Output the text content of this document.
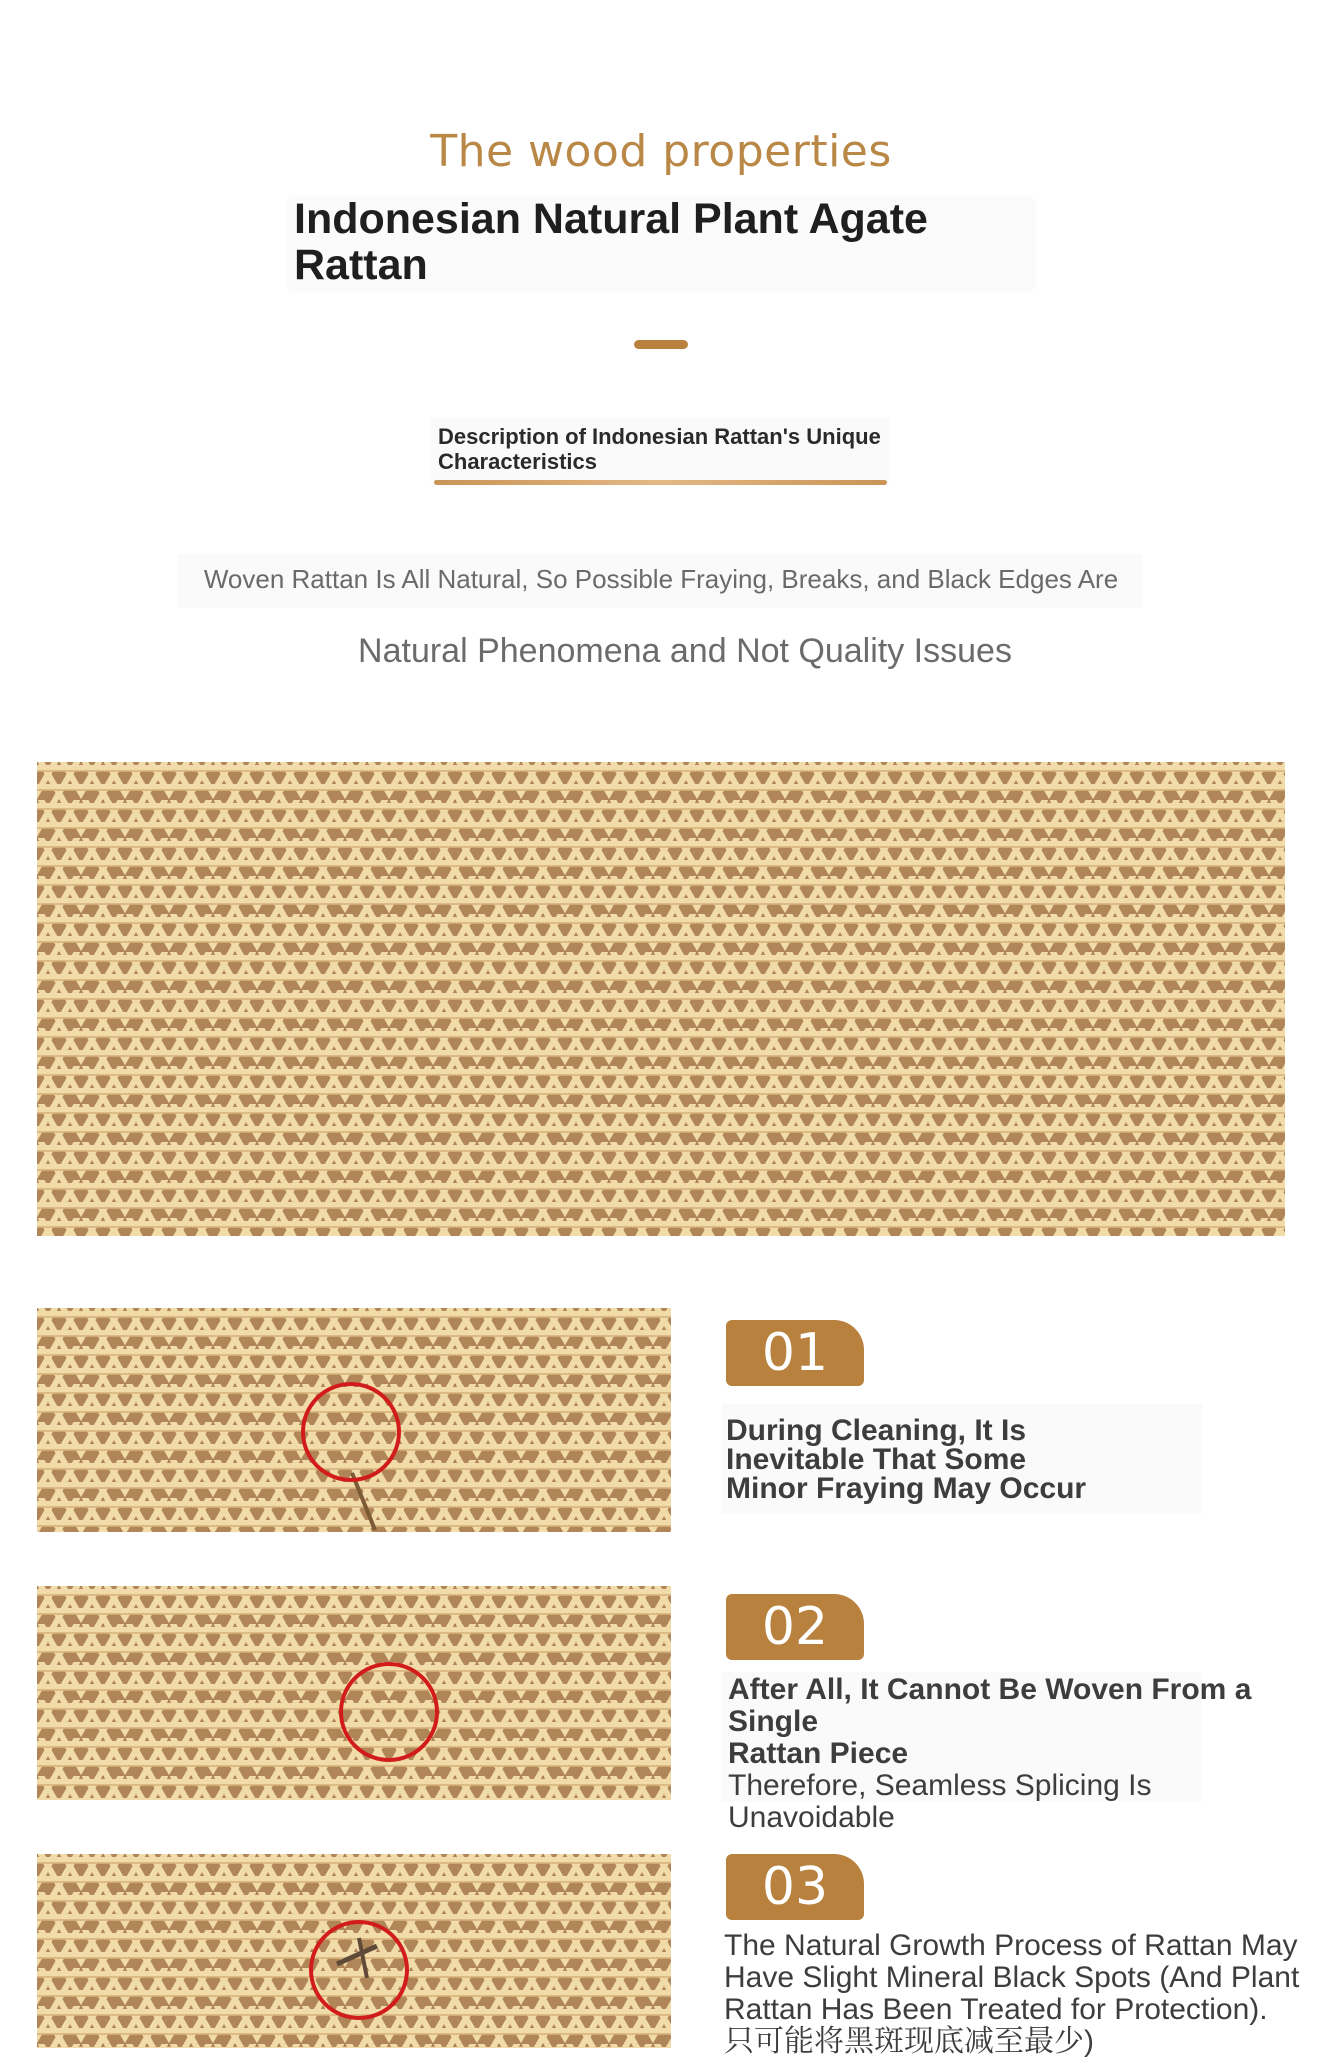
The wood properties
Indonesian Natural Plant Agate Rattan
Description of Indonesian Rattan's Unique Characteristics
Woven Rattan Is All Natural, So Possible Fraying, Breaks, and Black Edges Are
Natural Phenomena and Not Quality Issues
01
During Cleaning, It Is
Inevitable That Some
Minor Fraying May Occur
02
After All, It Cannot Be Woven From a Single
Rattan Piece
Therefore, Seamless Splicing Is
Unavoidable
03
The Natural Growth Process of Rattan May
Have Slight Mineral Black Spots (And Plant
Rattan Has Been Treated for Protection).
只可能将黑斑现底减至最少)
